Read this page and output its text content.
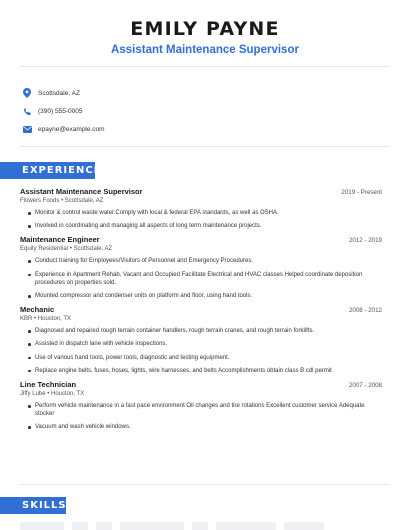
EMILY PAYNE
Assistant Maintenance Supervisor
Scottsdale, AZ
(390) 555-0005
epayne@example.com
EXPERIENCE
Assistant Maintenance Supervisor	2019 - Present
Flowers Foods • Scottsdale, AZ
Monitor & control waste water.Comply with local & federal EPA standards, as well as OSHA.
Involved in coordinating and managing all aspects of long term maintenance projects.
Maintenance Engineer	2012 - 2019
Equity Residential • Scottsdale, AZ
Conduct training for Employees/Visitors of Personnel and Emergency Procedures.
Experience in Apartment Rehab, Vacant and Occupied Facilitate Electrical and HVAC classes Helped coordinate deposition procedures on properties sold.
Mounted compressor and condenser units on platform and floor, using hand tools.
Mechanic	2008 - 2012
KBR • Houston, TX
Diagnosed and repaired rough terrain container handlers, rough terrain cranes, and rough terrain forklifts.
Assisted in dispatch lane with vehicle inspections.
Use of various hand tools, power tools, diagnostic and testing equipment.
Replace engine belts, fuses, hoses, lights, wire harnesses, and belts Accomplishments obtain class B cdl permit
Line Technician	2007 - 2008
Jiffy Lube • Houston, TX
Perform vehicle maintenance in a fast pace environment Oil changes and tire rotations Excellent customer service Adequate stocker
Vacuum and wash vehicle windows.
SKILLS
